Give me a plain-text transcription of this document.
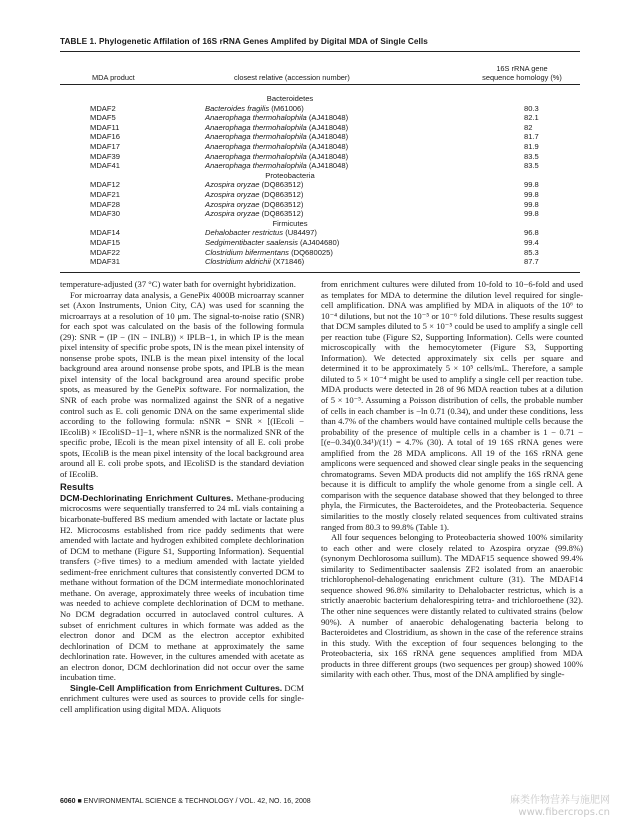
TABLE 1. Phylogenetic Affilation of 16S rRNA Genes Amplifed by Digital MDA of Single Cells
MDA product	closest relative (accession number)
16S rRNA gene
sequence homology (%)
Bacteroidetes		
MDAF2	Bacteroides fragilis (M61006)	80.3
MDAF5	Anaerophaga thermohalophila (AJ418048)	82.1
MDAF11	Anaerophaga thermohalophila (AJ418048)	82
MDAF16	Anaerophaga thermohalophila (AJ418048)	81.7
MDAF17	Anaerophaga thermohalophila (AJ418048)	81.9
MDAF39	Anaerophaga thermohalophila (AJ418048)	83.5
MDAF41	Anaerophaga thermohalophila (AJ418048)	83.5
Proteobacteria		
MDAF12	Azospira oryzae (DQ863512)	99.8
MDAF21	Azospira oryzae (DQ863512)	99.8
MDAF28	Azospira oryzae (DQ863512)	99.8
MDAF30	Azospira oryzae (DQ863512)	99.8
Firmicutes		
MDAF14	Dehalobacter restrictus (U84497)	96.8
MDAF15	Sedgimentibacter saalensis (AJ404680)	99.4
MDAF22	Clostridium bifermentans (DQ680025)	85.3
MDAF31	Clostridium aldrichii (X71846)	87.7

temperature-adjusted (37 °C) water bath for overnight hybridization.

For microarray data analysis, a GenePix 4000B microarray scanner set (Axon Instruments, Union City, CA) was used for scanning the microarrays at a resolution of 10 μm. The signal-to-noise ratio (SNR) for each spot was calculated on the basis of the following formula (29): SNR = (IP − (IN − INLB)) × IPLB−1, in which IP is the mean pixel intensity of specific probe spots, IN is the mean pixel intensity of nonsense probe spots, INLB is the mean pixel intensity of the local background area around nonsense probe spots, and IPLB is the mean pixel intensity of the local background area around specific probe spots, as measured by the GenePix software. For normalization, the SNR of each probe was normalized against the SNR of a negative control such as E. coli genomic DNA on the same experimental slide according to the following formula: nSNR = SNR × [(IEcoli − IEcoliB) × IEcoliSD−1]−1, where nSNR is the normalized SNR of the specific probe, IEcoli is the mean pixel intensity of all E. coli probe spots, IEcoliB is the mean pixel intensity of the local background area around all E. coli probe spots, and IEcoliSD is the standard deviation of IEcoliB.

Results

DCM-Dechlorinating Enrichment Cultures. Methane-producing microcosms were sequentially transferred to 24 mL vials containing a bicarbonate-buffered BS medium amended with lactate or lactate plus H2. Microcosms established from rice paddy sediments that were amended with lactate and hydrogen exhibited complete dechlorination of DCM to methane (Figure S1, Supporting Information). Sequential transfers (>five times) to a medium amended with lactate yielded sediment-free enrichment cultures that consistently converted DCM to methane without formation of the DCM intermediate monochlorinated methane. On average, approximately three weeks of incubation time was needed to achieve complete dechlorination of DCM to methane. No DCM degradation occurred in autoclaved control cultures. A subset of enrichment cultures in which formate was added as the electron donor and DCM as the electron acceptor exhibited dechlorination of DCM to methane at approximately the same dechlorination rate. However, in the cultures amended with acetate as an electron donor, DCM dechlorination did not occur over the same incubation time.

Single-Cell Amplification from Enrichment Cultures. DCM enrichment cultures were used as sources to provide cells for single-cell amplification using digital MDA. Aliquots

from enrichment cultures were diluted from 10-fold to 10−6-fold and used as templates for MDA to determine the dilution level required for single-cell amplification. DNA was amplified by MDA in aliquots of the 10⁶ to 10⁻⁴ dilutions, but not the 10⁻⁵ or 10⁻⁶ fold dilutions. These results suggest that DCM samples diluted to 5 × 10⁻⁵ could be used to amplify a single cell per reaction tube (Figure S2, Supporting Information). Cells were counted microscopically with the hemocytometer (Figure S3, Supporting Information). We detected approximately six cells per square and determined it to be approximately 5 × 10⁵ cells/mL. Therefore, a sample diluted to 5 × 10⁻⁴ might be used to amplify a single cell per reaction tube. MDA products were detected in 28 of 96 MDA reaction tubes at a dilution of 5 × 10⁻⁵. Assuming a Poisson distribution of cells, the probable number of cells in each chamber is −ln 0.71 (0.34), and under these conditions, less than 4.7% of the chambers would have contained multiple cells because the probability of the presence of multiple cells in a chamber is 1 − 0.71 − [(e−0.34)(0.34¹)/(1!) = 4.7% (30). A total of 19 16S rRNA genes were amplified from the 28 MDA amplicons. All 19 of the 16S rRNA gene amplicons were sequenced and showed clear single peaks in the sequencing chromatograms. Seven MDA products did not amplify the 16S rRNA gene because it is difficult to amplify the whole genome from a single cell. A comparison with the sequence database showed that they belonged to three phyla, the Firmicutes, the Bacteroidetes, and the Proteobacteria. Sequence similarities to the mostly closely related sequences from cultivated strains ranged from 80.3 to 99.8% (Table 1).

All four sequences belonging to Proteobacteria showed 100% similarity to each other and were closely related to Azospira oryzae (99.8%) (synonym Dechlorosoma suillum). The MDAF15 sequence showed 99.4% similarity to Sedimentibacter saalensis ZF2 isolated from an anaerobic trichlorophenol-dehalogenating enrichment culture (31). The MDAF14 sequence showed 96.8% similarity to Dehalobacter restrictus, which is a strictly anaerobic bacterium dehalorespiring tetra- and trichloroethene (32). The other nine sequences were distantly related to cultivated strains (below 90%). A number of anaerobic dehalogenating bacteria belong to Bacteroidetes and Clostridium, as shown in the case of the reference strains in this study. With the exception of four sequences belonging to the Proteobacteria, six 16S rRNA gene sequences amplified from MDA products in three different groups (two sequences per group) showed 100% similarity with each other. Thus, most of the DNA amplified by single-

6060 ■ ENVIRONMENTAL SCIENCE & TECHNOLOGY / VOL. 42, NO. 16, 2008	麻类作物营养与施肥网
www.fibercrops.cn
